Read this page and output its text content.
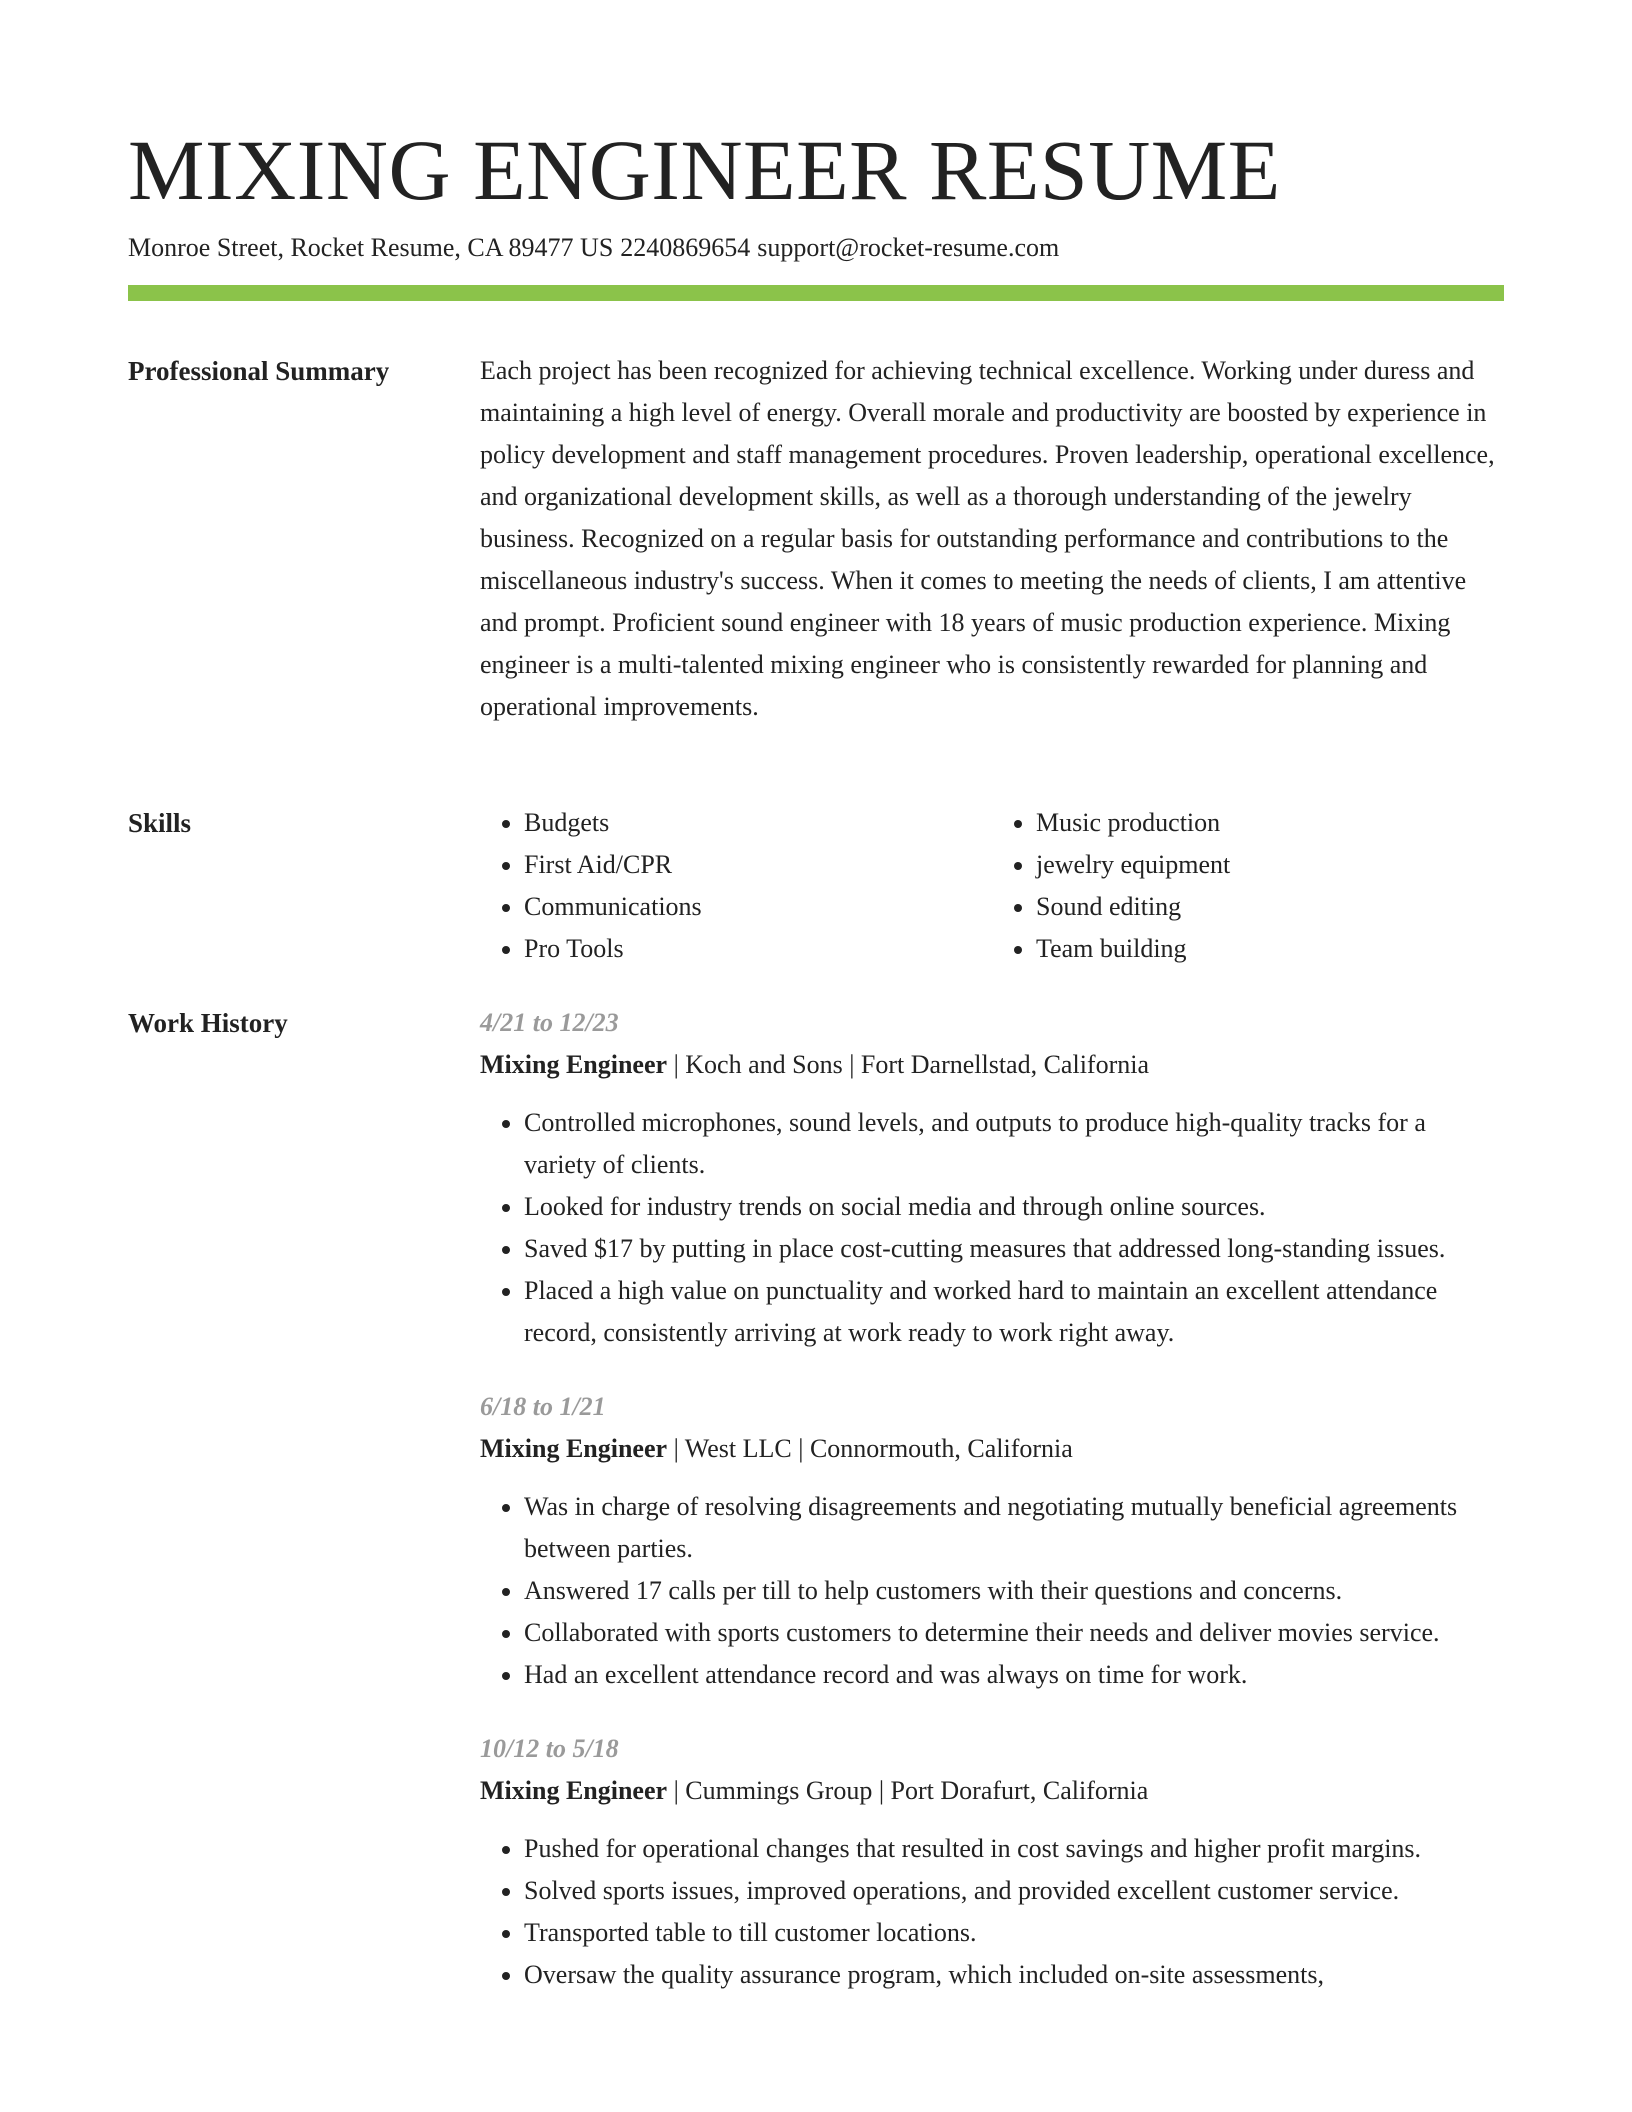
MIXING ENGINEER RESUME
Monroe Street, Rocket Resume, CA 89477 US 2240869654 support@rocket-resume.com
Professional Summary	Each project has been recognized for achieving technical excellence. Working under duress and maintaining a high level of energy. Overall morale and productivity are boosted by experience in policy development and staff management procedures. Proven leadership, operational excellence, and organizational development skills, as well as a thorough understanding of the jewelry business. Recognized on a regular basis for outstanding performance and contributions to the miscellaneous industry's success. When it comes to meeting the needs of clients, I am attentive and prompt. Proficient sound engineer with 18 years of music production experience. Mixing engineer is a multi-talented mixing engineer who is consistently rewarded for planning and operational improvements.

Skills
•	Budgets
• First Aid/CPR
• Communications
• Pro Tools
• Music production
• jewelry equipment
• Sound editing
• Team building
Work History	4/21 to 12/23
Mixing Engineer | Koch and Sons | Fort Darnellstad, California
• Controlled microphones, sound levels, and outputs to produce high-quality tracks for a variety of clients.
• Looked for industry trends on social media and through online sources.
• Saved $17 by putting in place cost-cutting measures that addressed long-standing issues.
• Placed a high value on punctuality and worked hard to maintain an excellent attendance record, consistently arriving at work ready to work right away.
6/18 to 1/21
Mixing Engineer | West LLC | Connormouth, California
• Was in charge of resolving disagreements and negotiating mutually beneficial agreements between parties.
• Answered 17 calls per till to help customers with their questions and concerns.
• Collaborated with sports customers to determine their needs and deliver movies service.
• Had an excellent attendance record and was always on time for work.
10/12 to 5/18
Mixing Engineer | Cummings Group | Port Dorafurt, California
• Pushed for operational changes that resulted in cost savings and higher profit margins.
• Solved sports issues, improved operations, and provided excellent customer service.
• Transported table to till customer locations.
• Oversaw the quality assurance program, which included on-site assessments,
